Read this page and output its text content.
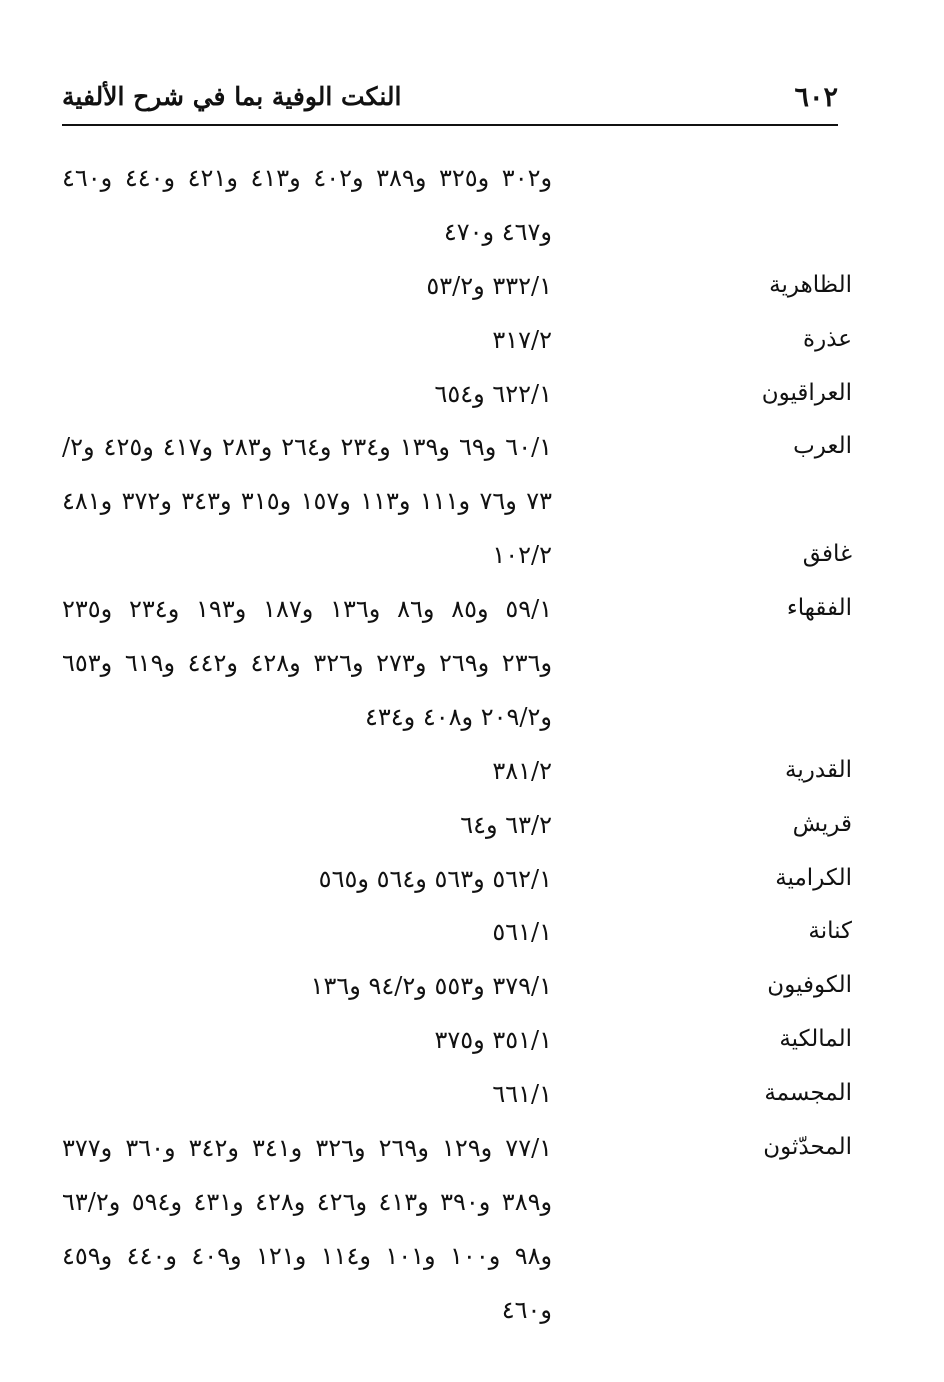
٦٠٢
النكت الوفية بما في شرح الألفية
و٣٠٢ و٣٢٥ و٣٨٩ و٤٠٢ و٤١٣ و٤٢١ و٤٤٠ و٤٦٠
و٤٦٧ و٤٧٠
الظاهرية
٣٣٢/١ و٥٣/٢
عذرة
٣١٧/٢
العراقيون
٦٢٢/١ و٦٥٤
العرب
٦٠/١ و٦٩ و١٣٩ و٢٣٤ و٢٦٤ و٢٨٣ و٤١٧ و٤٢٥ و٢/
٧٣ و٧٦ و١١١ و١١٣ و١٥٧ و٣١٥ و٣٤٣ و٣٧٢ و٤٨١
غافق
١٠٢/٢
الفقهاء
٥٩/١ و٨٥ و٨٦ و١٣٦ و١٨٧ و١٩٣ و٢٣٤ و٢٣٥
و٢٣٦ و٢٦٩ و٢٧٣ و٣٢٦ و٤٢٨ و٤٤٢ و٦١٩ و٦٥٣
و٢٠٩/٢ و٤٠٨ و٤٣٤
القدرية
٣٨١/٢
قريش
٦٣/٢ و٦٤
الكرامية
٥٦٢/١ و٥٦٣ و٥٦٤ و٥٦٥
كنانة
٥٦١/١
الكوفيون
٣٧٩/١ و٥٥٣ و٩٤/٢ و١٣٦
المالكية
٣٥١/١ و٣٧٥
المجسمة
٦٦١/١
المحدّثون
٧٧/١ و١٢٩ و٢٦٩ و٣٢٦ و٣٤١ و٣٤٢ و٣٦٠ و٣٧٧
و٣٨٩ و٣٩٠ و٤١٣ و٤٢٦ و٤٢٨ و٤٣١ و٥٩٤ و٦٣/٢
و٩٨ و١٠٠ و١٠١ و١١٤ و١٢١ و٤٠٩ و٤٤٠ و٤٥٩
و٤٦٠
